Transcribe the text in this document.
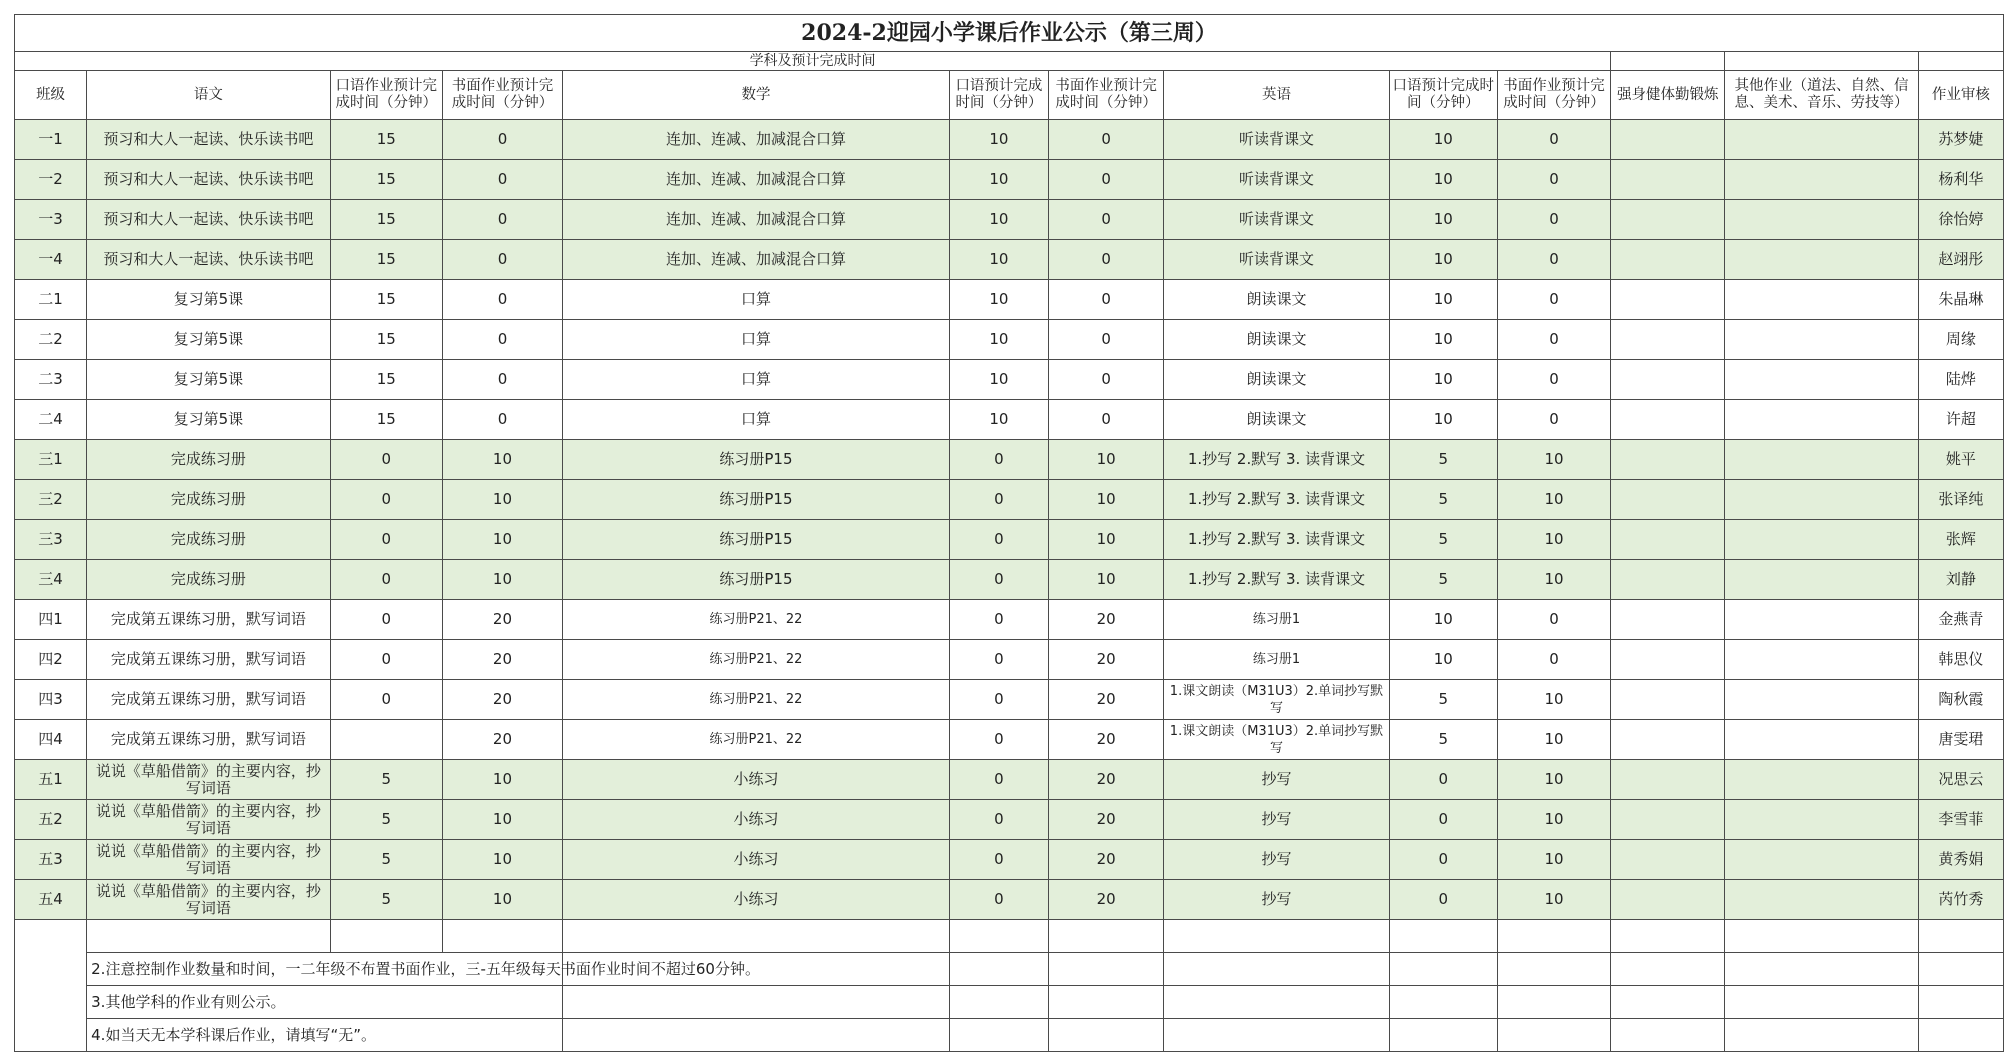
2024-2迎园小学课后作业公示（第三周）												
学科及预计完成时间												
班级	语文	口语作业预计完成时间（分钟）	书面作业预计完成时间（分钟）	数学	口语预计完成时间（分钟）	书面作业预计完成时间（分钟）	英语	口语预计完成时间（分钟）	书面作业预计完成时间（分钟）	强身健体勤锻炼	其他作业（道法、自然、信息、美术、音乐、劳技等）	作业审核
一1	预习和大人一起读、快乐读书吧	15	0	连加、连减、加减混合口算	10	0	听读背课文	10	0			苏梦婕
一2	预习和大人一起读、快乐读书吧	15	0	连加、连减、加减混合口算	10	0	听读背课文	10	0			杨利华
一3	预习和大人一起读、快乐读书吧	15	0	连加、连减、加减混合口算	10	0	听读背课文	10	0			徐怡婷
一4	预习和大人一起读、快乐读书吧	15	0	连加、连减、加减混合口算	10	0	听读背课文	10	0			赵翊彤
二1	复习第5课	15	0	口算	10	0	朗读课文	10	0			朱晶琳
二2	复习第5课	15	0	口算	10	0	朗读课文	10	0			周缘
二3	复习第5课	15	0	口算	10	0	朗读课文	10	0			陆烨
二4	复习第5课	15	0	口算	10	0	朗读课文	10	0			许超
三1	完成练习册	0	10	练习册P15	0	10	1.抄写 2.默写 3. 读背课文	5	10			姚平
三2	完成练习册	0	10	练习册P15	0	10	1.抄写 2.默写 3. 读背课文	5	10			张译纯
三3	完成练习册	0	10	练习册P15	0	10	1.抄写 2.默写 3. 读背课文	5	10			张辉
三4	完成练习册	0	10	练习册P15	0	10	1.抄写 2.默写 3. 读背课文	5	10			刘静
四1	完成第五课练习册，默写词语	0	20	练习册P21、22	0	20	练习册1	10	0			金燕青
四2	完成第五课练习册，默写词语	0	20	练习册P21、22	0	20	练习册1	10	0			韩思仪
四3	完成第五课练习册，默写词语	0	20	练习册P21、22	0	20	1.课文朗读（M31U3）2.单词抄写默写	5	10			陶秋霞
四4	完成第五课练习册，默写词语		20	练习册P21、22	0	20	1.课文朗读（M31U3）2.单词抄写默写	5	10			唐雯珺
五1	说说《草船借箭》的主要内容，抄写词语	5	10	小练习	0	20	抄写	0	10			况思云
五2	说说《草船借箭》的主要内容，抄写词语	5	10	小练习	0	20	抄写	0	10			李雪菲
五3	说说《草船借箭》的主要内容，抄写词语	5	10	小练习	0	20	抄写	0	10			黄秀娟
五4	说说《草船借箭》的主要内容，抄写词语	5	10	小练习	0	20	抄写	0	10			芮竹秀

	2.注意控制作业数量和时间，一二年级不布置书面作业，三-五年级每天书面作业时间不超过60分钟。											
	3.其他学科的作业有则公示。											
	4.如当天无本学科课后作业，请填写“无”。											
